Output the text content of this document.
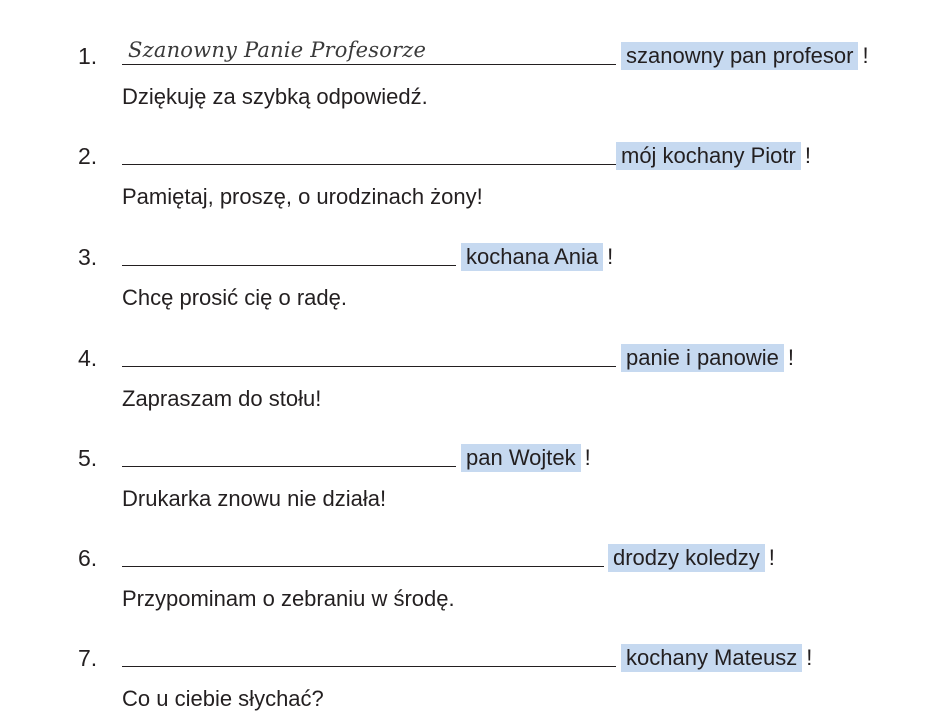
1. Szanowny Panie Profesorze	szanowny pan profesor !
Dziękuję za szybką odpowiedź.
2.	mój kochany Piotr !
Pamiętaj, proszę, o urodzinach żony!
3.	kochana Ania !
Chcę prosić cię o radę.
4.	panie i panowie !
Zapraszam do stołu!
5.	pan Wojtek !
Drukarka znowu nie działa!
6.	drodzy koledzy !
Przypominam o zebraniu w środę.
7.	kochany Mateusz !
Co u ciebie słychać?
